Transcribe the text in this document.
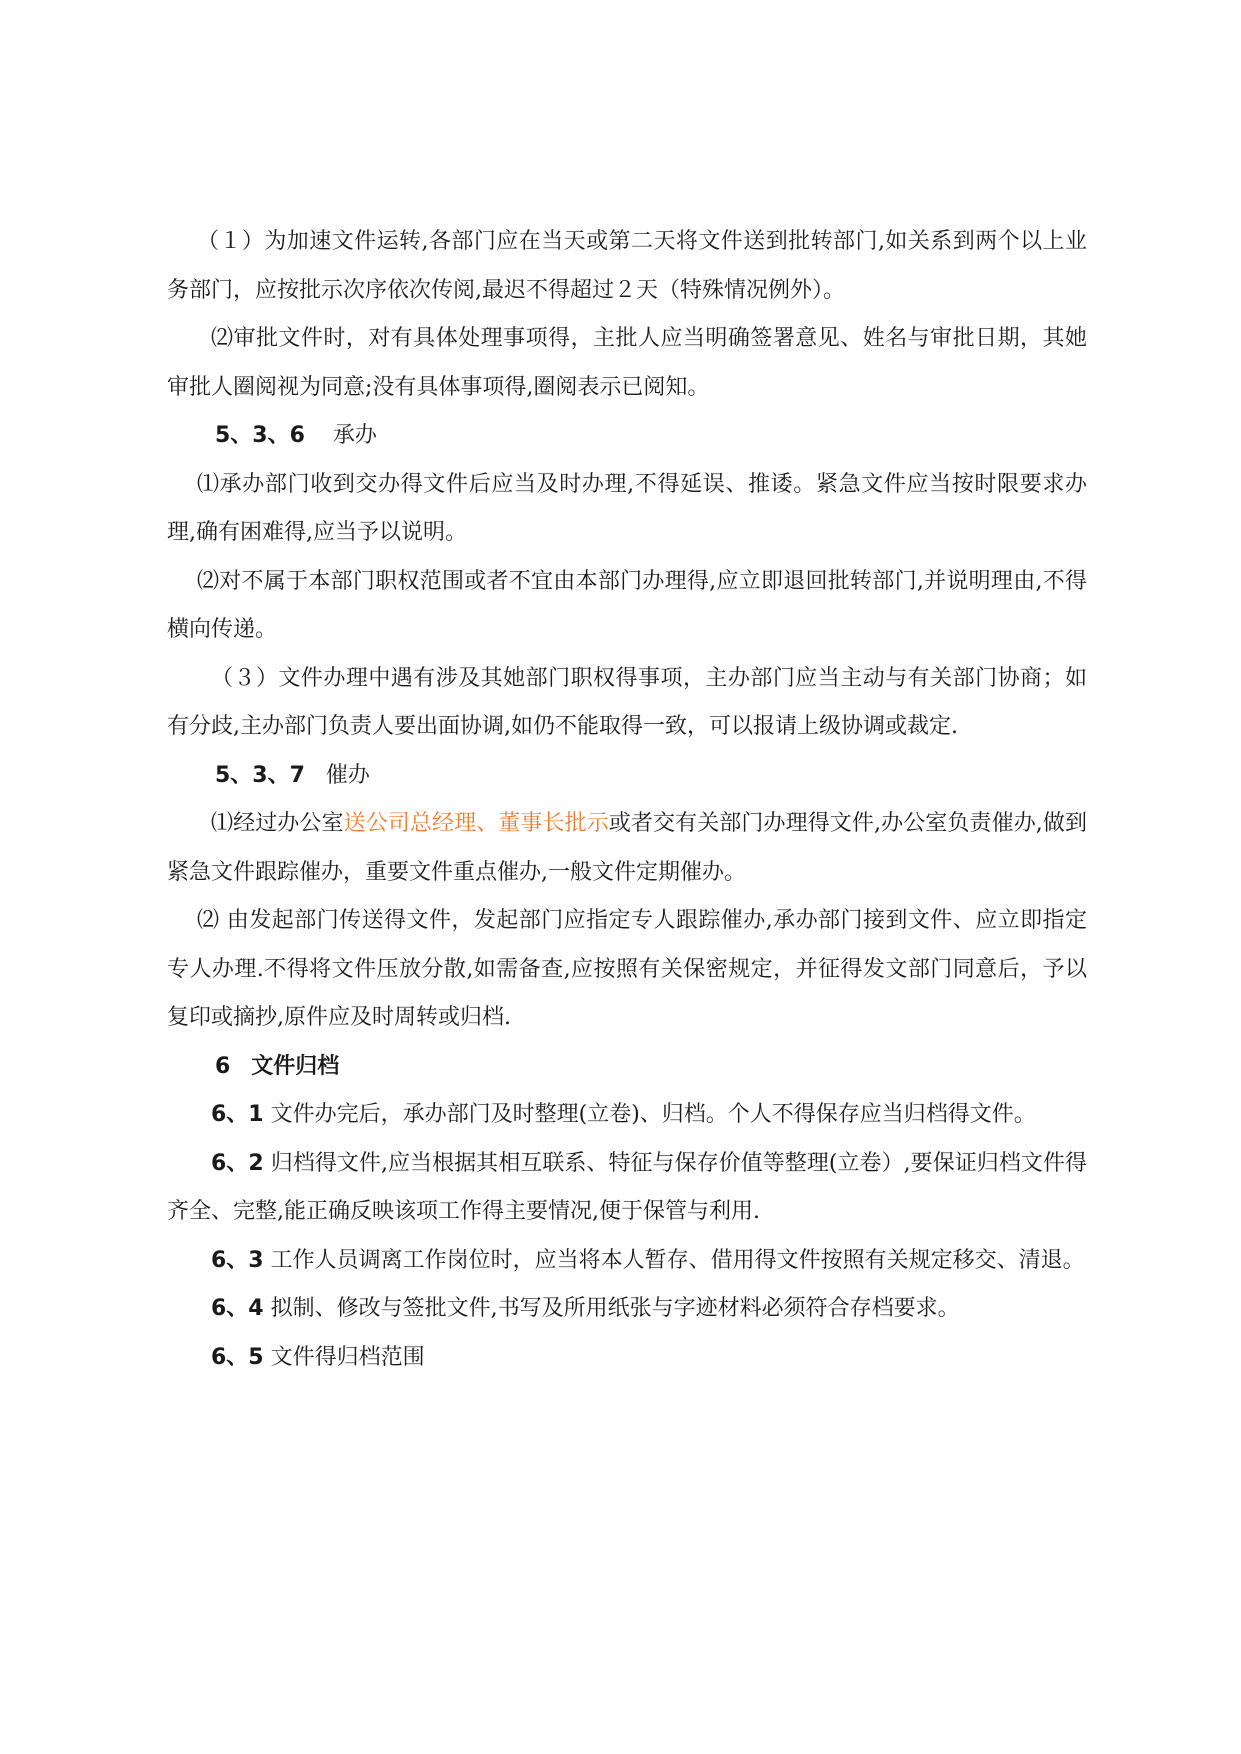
（１）为加速文件运转,各部门应在当天或第二天将文件送到批转部门,如关系到两个以上业务部门，应按批示次序依次传阅,最迟不得超过２天（特殊情况例外）。

⑵审批文件时，对有具体处理事项得，主批人应当明确签署意见、姓名与审批日期，其她审批人圈阅视为同意;没有具体事项得,圈阅表示已阅知。

5、3、6 承办

⑴承办部门收到交办得文件后应当及时办理,不得延误、推诿。紧急文件应当按时限要求办理,确有困难得,应当予以说明。

⑵对不属于本部门职权范围或者不宜由本部门办理得,应立即退回批转部门,并说明理由,不得横向传递。

（３）文件办理中遇有涉及其她部门职权得事项，主办部门应当主动与有关部门协商；如有分歧,主办部门负责人要出面协调,如仍不能取得一致，可以报请上级协调或裁定.

5、3、7 催办

⑴经过办公室送公司总经理、董事长批示或者交有关部门办理得文件,办公室负责催办,做到紧急文件跟踪催办，重要文件重点催办,一般文件定期催办。

⑵ 由发起部门传送得文件，发起部门应指定专人跟踪催办,承办部门接到文件、应立即指定专人办理.不得将文件压放分散,如需备查,应按照有关保密规定，并征得发文部门同意后，予以复印或摘抄,原件应及时周转或归档.

6 文件归档

6、1 文件办完后，承办部门及时整理(立卷)、归档。个人不得保存应当归档得文件。

6、2 归档得文件,应当根据其相互联系、特征与保存价值等整理(立卷）,要保证归档文件得齐全、完整,能正确反映该项工作得主要情况,便于保管与利用.

6、3 工作人员调离工作岗位时，应当将本人暂存、借用得文件按照有关规定移交、清退。

6、4 拟制、修改与签批文件,书写及所用纸张与字迹材料必须符合存档要求。

6、5 文件得归档范围
